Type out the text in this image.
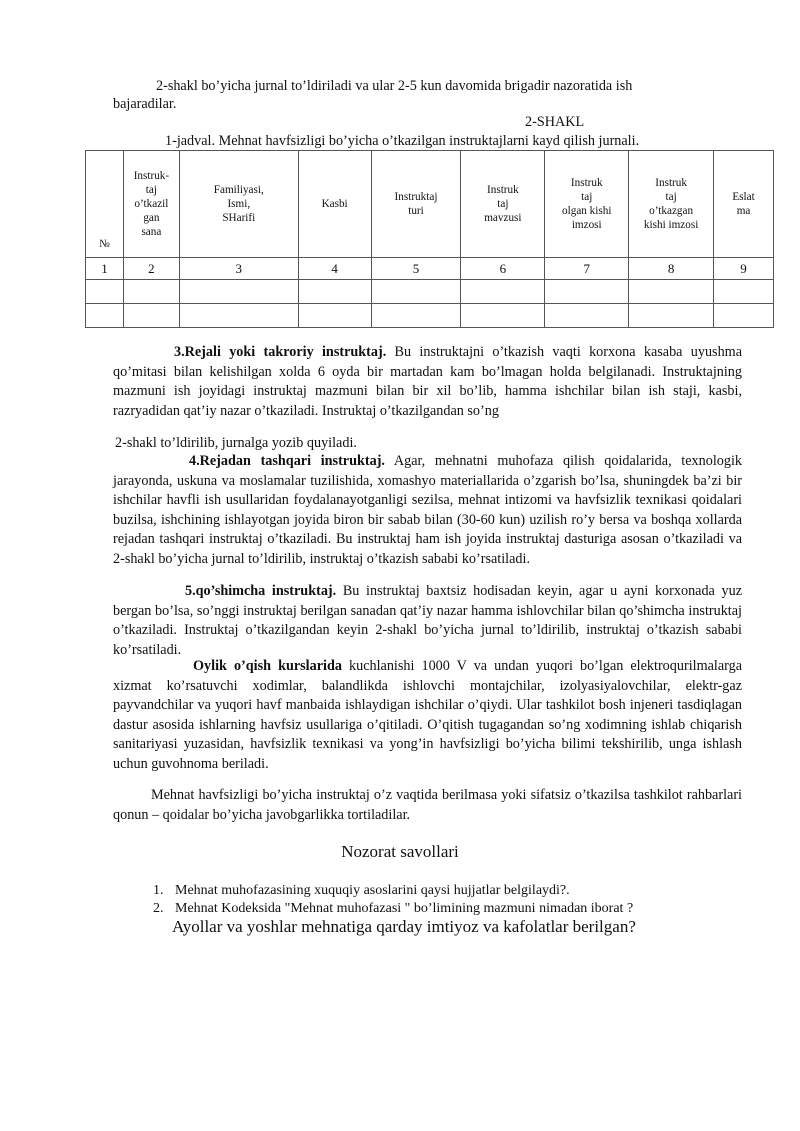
2-shakl bo’yicha jurnal to’ldiriladi va ular 2-5 kun davomida brigadir nazoratida ish
bajaradilar.
2-SHAKL
1-jadval. Mehnat havfsizligi bo’yicha o’tkazilgan instruktajlarni kayd qilish jurnali.
№	Instruk-
taj
o’tkazil
gan
sana	Familiyasi,
Ismi,
SHarifi	Kasbi	Instruktaj
turi	Instruk
taj
mavzusi	Instruk
taj
olgan kishi
imzosi	Instruk
taj
o’tkazgan
kishi imzosi	Eslat
ma
1	2	3	4	5	6	7	8	9

3.Rejali yoki takroriy instruktaj. Bu instruktajni o’tkazish vaqti korxona kasaba uyushma qo’mitasi bilan kelishilgan xolda 6 oyda bir martadan kam bo’lmagan holda belgilanadi. Instruktajning mazmuni ish joyidagi instruktaj mazmuni bilan bir xil bo’lib, hamma ishchilar bilan ish staji, kasbi, razryadidan qat’iy nazar o’tkaziladi. Instruktaj o’tkazilgandan so’ng

2-shakl to’ldirilib, jurnalga yozib quyiladi.

4.Rejadan tashqari instruktaj. Agar, mehnatni muhofaza qilish qoidalarida, texnologik jarayonda, uskuna va moslamalar tuzilishida, xomashyo materiallarida o’zgarish bo’lsa, shuningdek ba’zi bir ishchilar havfli ish usullaridan foydalanayotganligi sezilsa, mehnat intizomi va havfsizlik texnikasi qoidalari buzilsa, ishchining ishlayotgan joyida biron bir sabab bilan (30-60 kun) uzilish ro’y bersa va boshqa xollarda rejadan tashqari instruktaj o’tkaziladi. Bu instruktaj ham ish joyida instruktaj dasturiga asosan o’tkaziladi va 2-shakl bo’yicha jurnal to’ldirilib, instruktaj o’tkazish sababi ko’rsatiladi.

5.qo’shimcha instruktaj. Bu instruktaj baxtsiz hodisadan keyin, agar u ayni korxonada yuz bergan bo’lsa, so’nggi instruktaj berilgan sanadan qat’iy nazar hamma ishlovchilar bilan qo’shimcha instruktaj o’tkaziladi. Instruktaj o’tkazilgandan keyin 2-shakl bo’yicha jurnal to’ldirilib, instruktaj o’tkazish sababi ko’rsatiladi.

Oylik o’qish kurslarida kuchlanishi 1000 V va undan yuqori bo’lgan elektroqurilmalarga xizmat ko’rsatuvchi xodimlar, balandlikda ishlovchi montajchilar, izolyasiyalovchilar, elektr-gaz payvandchilar va yuqori havf manbaida ishlaydigan ishchilar o’qiydi. Ular tashkilot bosh injeneri tasdiqlagan dastur asosida ishlarning havfsiz usullariga o’qitiladi. O’qitish tugagandan so’ng xodimning ishlab chiqarish sanitariyasi yuzasidan, havfsizlik texnikasi va yong’in havfsizligi bo’yicha bilimi tekshirilib, unga ishlash uchun guvohnoma beriladi.

Mehnat havfsizligi bo’yicha instruktaj o’z vaqtida berilmasa yoki sifatsiz o’tkazilsa tashkilot rahbarlari qonun – qoidalar bo’yicha javobgarlikka tortiladilar.

Nozorat savollari
1. Mehnat muhofazasining xuquqiy asoslarini qaysi hujjatlar belgilaydi?.
2. Mehnat Kodeksida "Mehnat muhofazasi " bo’limining mazmuni nimadan iborat ?
Ayollar va yoshlar mehnatiga qarday imtiyoz va kafolatlar berilgan?
